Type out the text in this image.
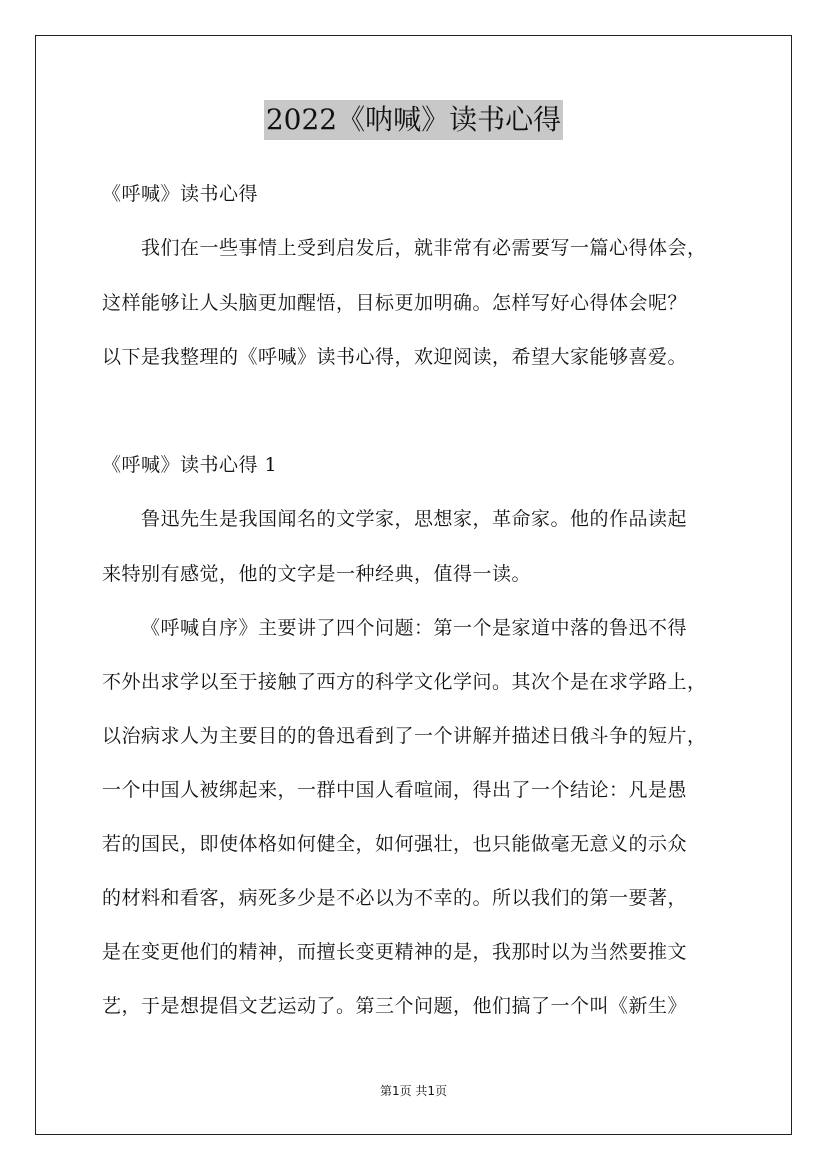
2022《呐喊》读书心得
《呼喊》读书心得
我们在一些事情上受到启发后，就非常有必需要写一篇心得体会，
这样能够让人头脑更加醒悟，目标更加明确。怎样写好心得体会呢？
以下是我整理的《呼喊》读书心得，欢迎阅读，希望大家能够喜爱。
《呼喊》读书心得 1
鲁迅先生是我国闻名的文学家，思想家，革命家。他的作品读起
来特别有感觉，他的文字是一种经典，值得一读。
《呼喊自序》主要讲了四个问题：第一个是家道中落的鲁迅不得
不外出求学以至于接触了西方的科学文化学问。其次个是在求学路上，
以治病求人为主要目的的鲁迅看到了一个讲解并描述日俄斗争的短片，
一个中国人被绑起来，一群中国人看喧闹，得出了一个结论：凡是愚
若的国民，即使体格如何健全，如何强壮，也只能做毫无意义的示众
的材料和看客，病死多少是不必以为不幸的。所以我们的第一要著，
是在变更他们的精神，而擅长变更精神的是，我那时以为当然要推文
艺，于是想提倡文艺运动了。第三个问题，他们搞了一个叫《新生》
第1页 共1页
